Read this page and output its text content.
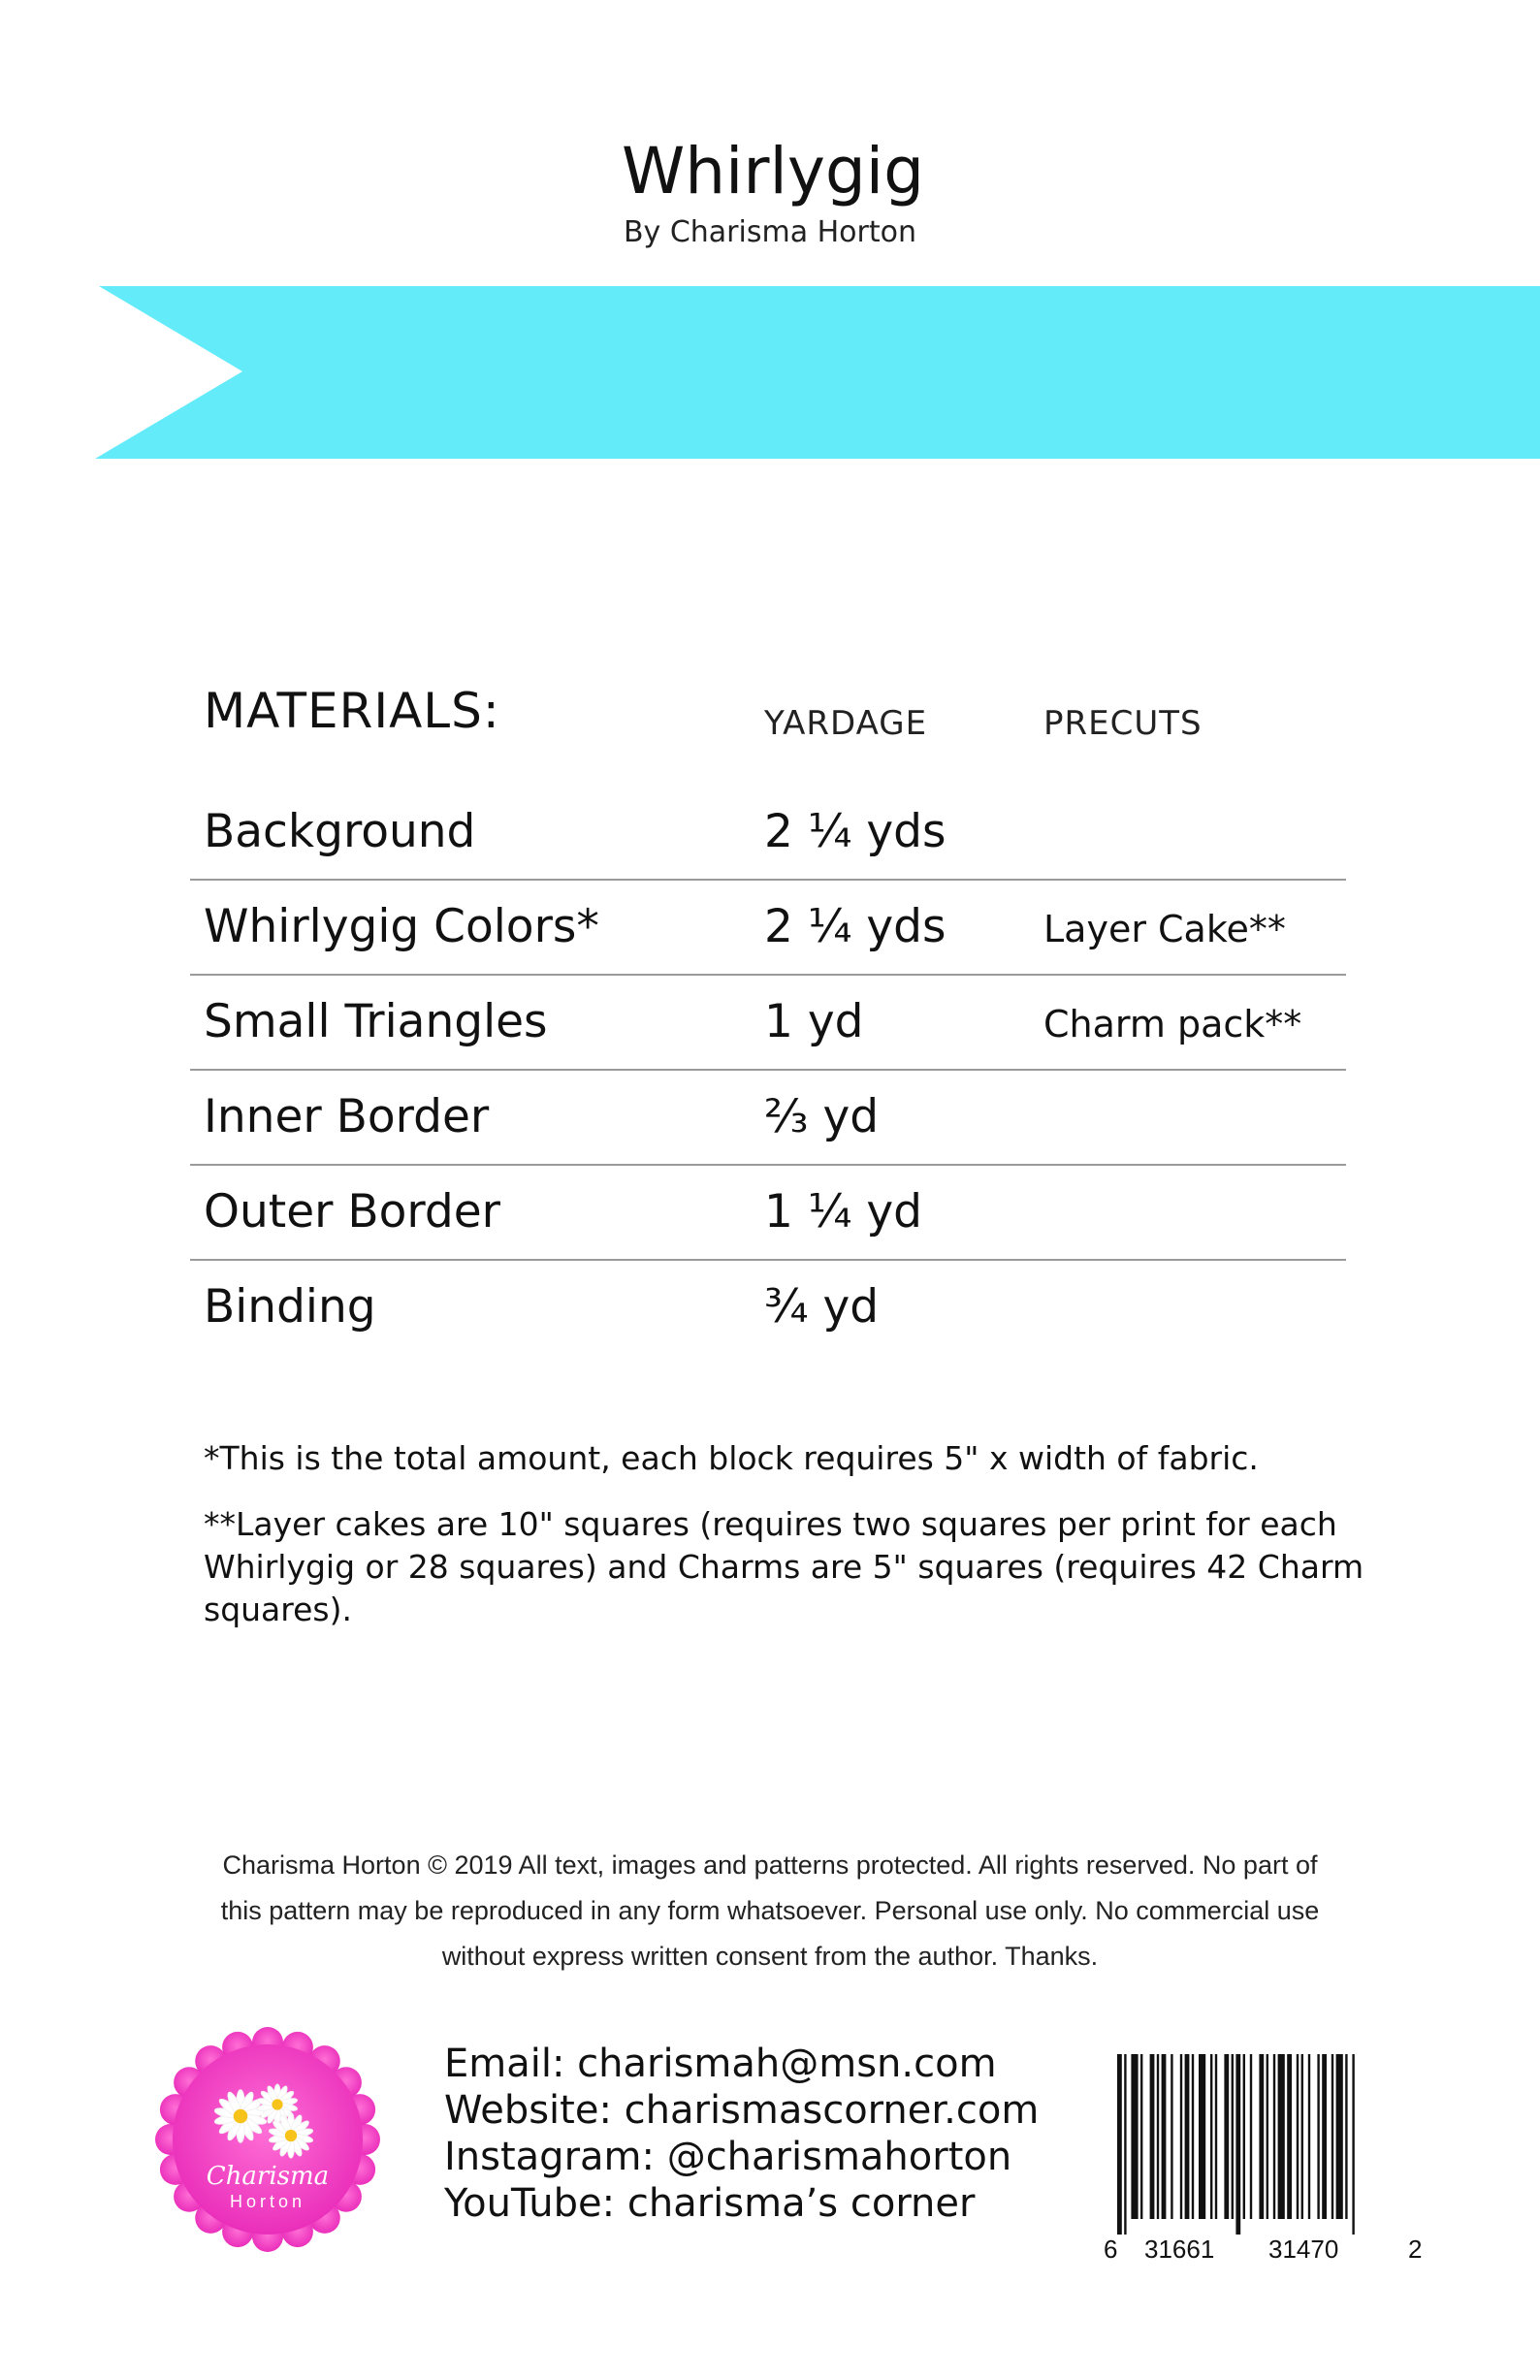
Whirlygig
By Charisma Horton
MATERIALS:	YARDAGE	PRECUTS
Background	2 ¼ yds
Whirlygig Colors*	2 ¼ yds	Layer Cake**
Small Triangles	1 yd	Charm pack**
Inner Border	⅔ yd
Outer Border	1 ¼ yd
Binding	¾ yd
*This is the total amount, each block requires 5" x width of fabric.
**Layer cakes are 10" squares (requires two squares per print for each Whirlygig or 28 squares) and Charms are 5" squares (requires 42 Charm squares).
Charisma Horton © 2019 All text, images and patterns protected. All rights reserved. No part of
this pattern may be reproduced in any form whatsoever. Personal use only. No commercial use
without express written consent from the author. Thanks.
Charisma
Horton
Email: charismah@msn.com
Website: charismascorner.com
Instagram: @charismahorton
YouTube: charisma’s corner
6 31661 31470	2
